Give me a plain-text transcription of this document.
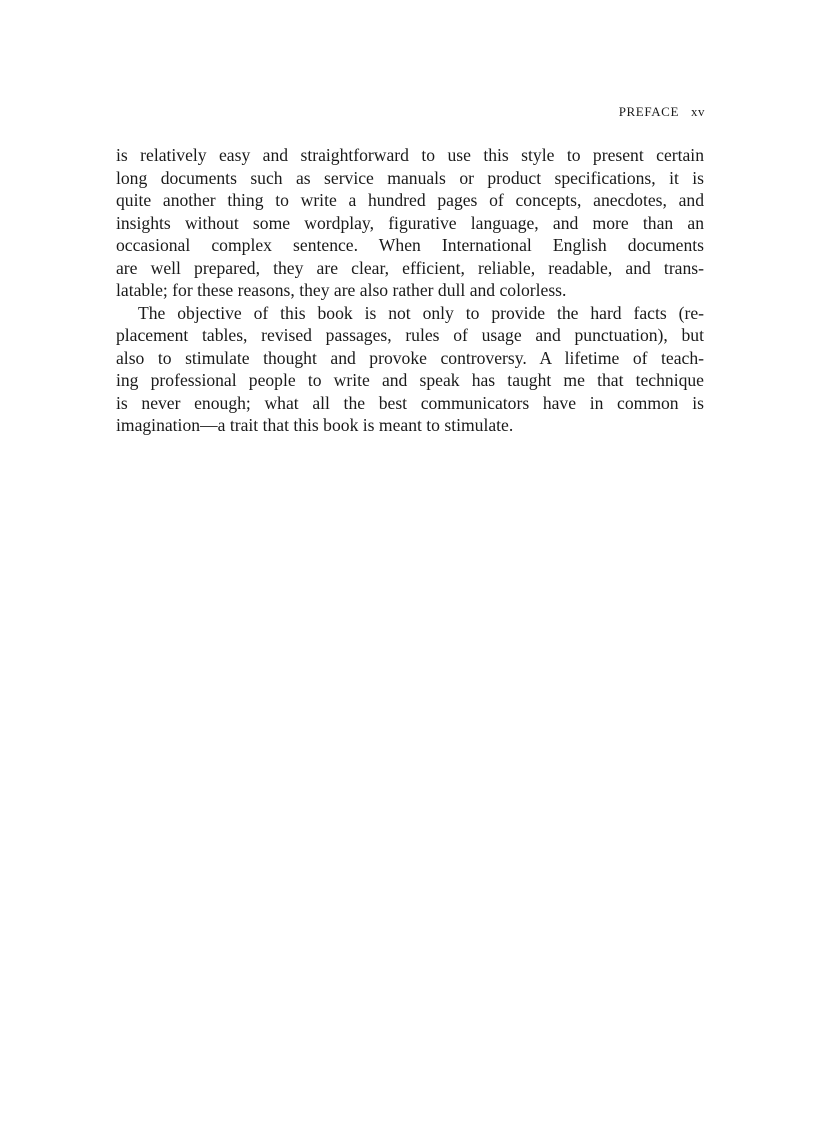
PREFACE xv
is relatively easy and straightforward to use this style to present certain
long documents such as service manuals or product specifications, it is
quite another thing to write a hundred pages of concepts, anecdotes, and
insights without some wordplay, figurative language, and more than an
occasional complex sentence. When International English documents
are well prepared, they are clear, efficient, reliable, readable, and trans-
latable; for these reasons, they are also rather dull and colorless.
The objective of this book is not only to provide the hard facts (re-
placement tables, revised passages, rules of usage and punctuation), but
also to stimulate thought and provoke controversy. A lifetime of teach-
ing professional people to write and speak has taught me that technique
is never enough; what all the best communicators have in common is
imagination—a trait that this book is meant to stimulate.
